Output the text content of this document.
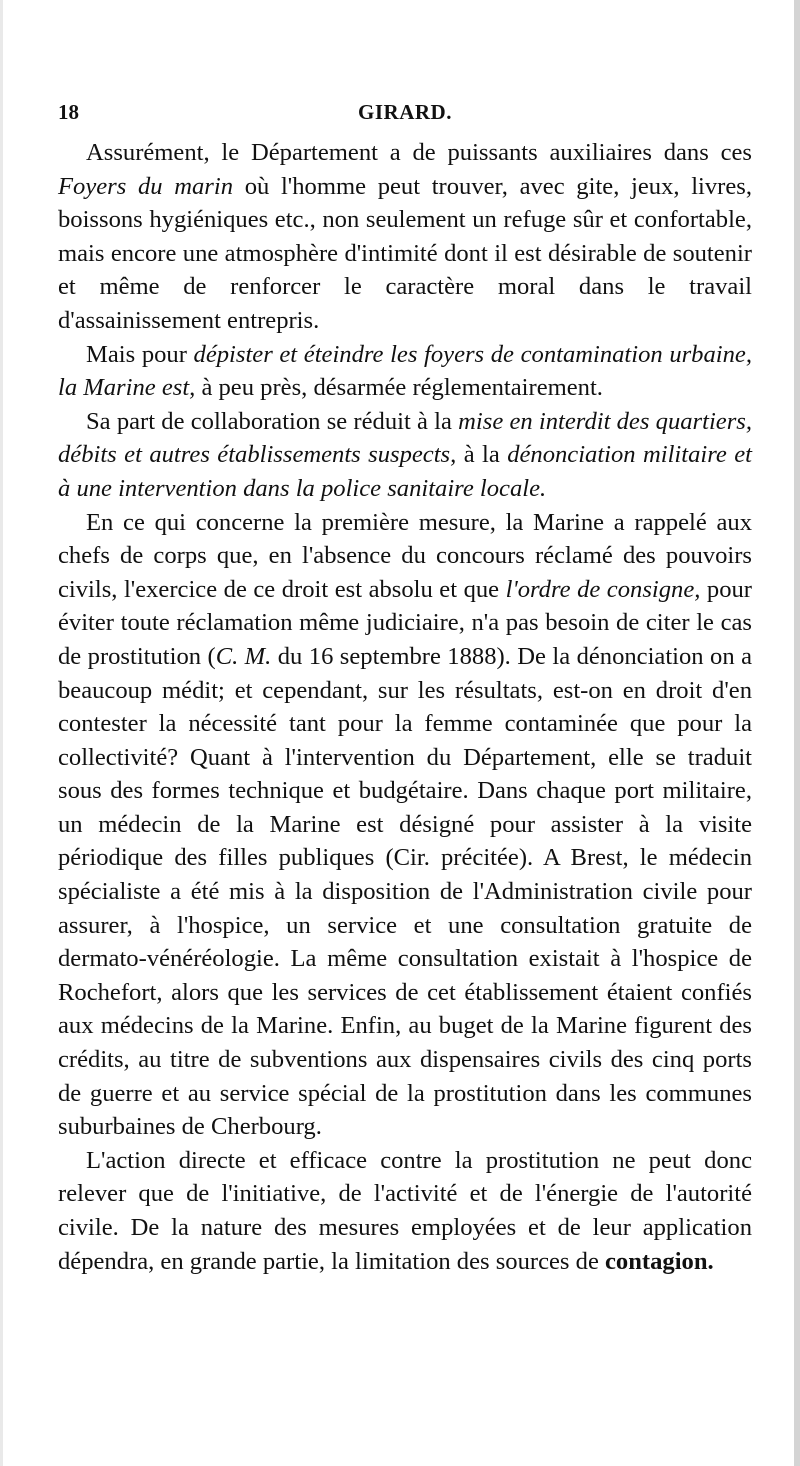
18	GIRARD.

Assurément, le Département a de puissants auxiliaires dans ces Foyers du marin où l'homme peut trouver, avec gite, jeux, livres, boissons hygiéniques etc., non seulement un refuge sûr et confortable, mais encore une atmosphère d'intimité dont il est désirable de soutenir et même de renforcer le caractère moral dans le travail d'assainissement entrepris.

Mais pour dépister et éteindre les foyers de contamination urbaine, la Marine est, à peu près, désarmée réglementairement.

Sa part de collaboration se réduit à la mise en interdit des quartiers, débits et autres établissements suspects, à la dénonciation militaire et à une intervention dans la police sanitaire locale.

En ce qui concerne la première mesure, la Marine a rappelé aux chefs de corps que, en l'absence du concours réclamé des pouvoirs civils, l'exercice de ce droit est absolu et que l'ordre de consigne, pour éviter toute réclamation même judiciaire, n'a pas besoin de citer le cas de prostitution (C. M. du 16 septembre 1888). De la dénonciation on a beaucoup médit; et cependant, sur les résultats, est-on en droit d'en contester la nécessité tant pour la femme contaminée que pour la collectivité? Quant à l'intervention du Département, elle se traduit sous des formes technique et budgétaire. Dans chaque port militaire, un médecin de la Marine est désigné pour assister à la visite périodique des filles publiques (Cir. précitée). A Brest, le médecin spécialiste a été mis à la disposition de l'Administration civile pour assurer, à l'hospice, un service et une consultation gratuite de dermato-vénéréologie. La même consultation existait à l'hospice de Rochefort, alors que les services de cet établissement étaient confiés aux médecins de la Marine. Enfin, au buget de la Marine figurent des crédits, au titre de subventions aux dispensaires civils des cinq ports de guerre et au service spécial de la prostitution dans les communes suburbaines de Cherbourg.

L'action directe et efficace contre la prostitution ne peut donc relever que de l'initiative, de l'activité et de l'énergie de l'autorité civile. De la nature des mesures employées et de leur application dépendra, en grande partie, la limitation des sources de contagion.
